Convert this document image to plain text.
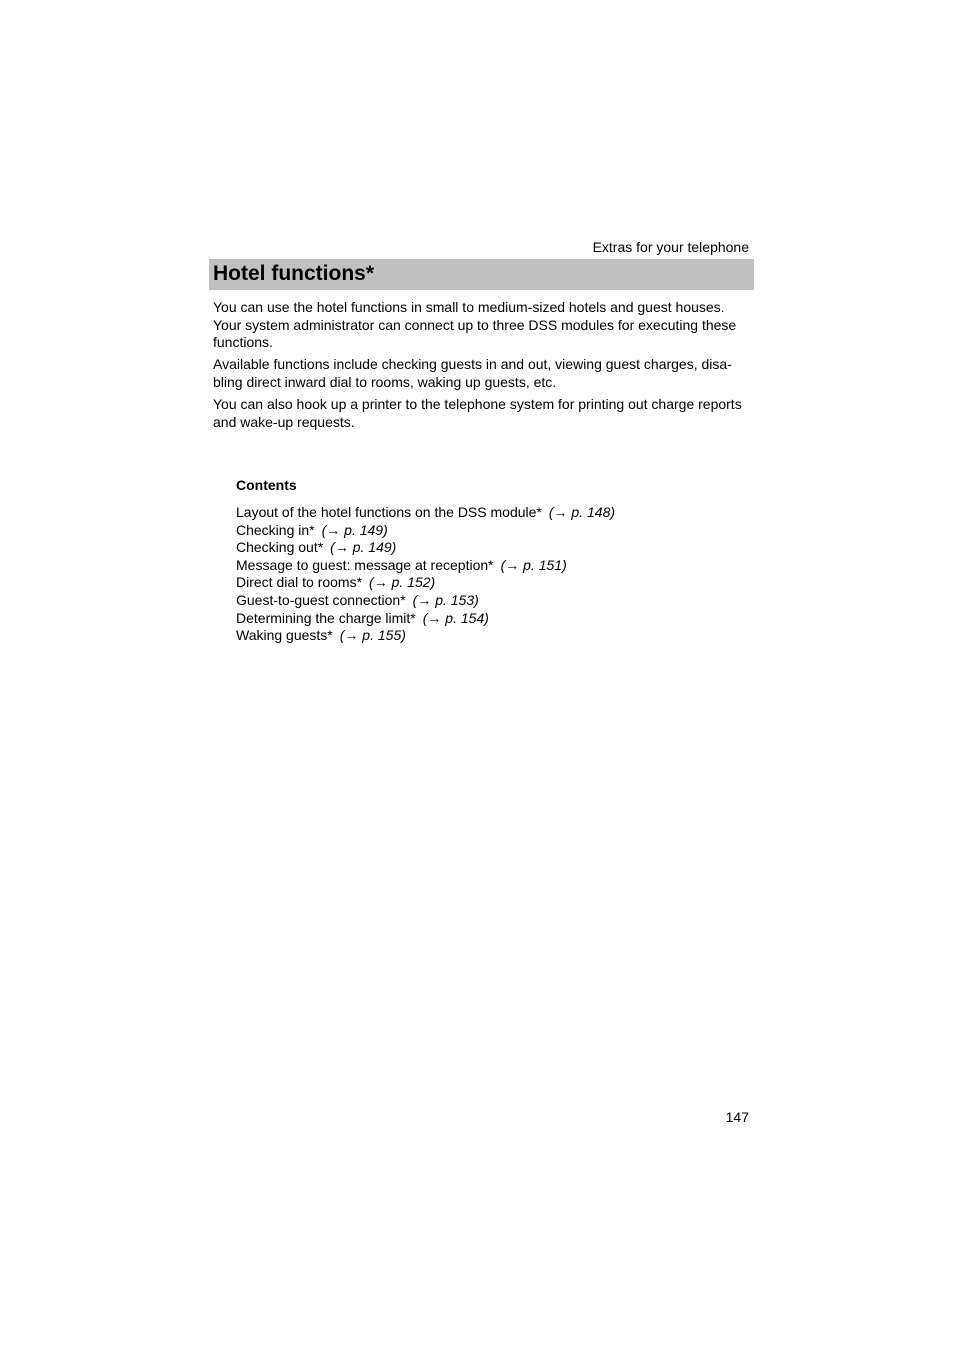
Extras for your telephone
Hotel functions*

You can use the hotel functions in small to medium-sized hotels and guest houses. Your system administrator can connect up to three DSS modules for executing these functions.

Available functions include checking guests in and out, viewing guest charges, disa-bling direct inward dial to rooms, waking up guests, etc.

You can also hook up a printer to the telephone system for printing out charge reports and wake-up requests.

Contents
Layout of the hotel functions on the DSS module* (→ p. 148)
Checking in* (→ p. 149)
Checking out* (→ p. 149)
Message to guest: message at reception* (→ p. 151)
Direct dial to rooms* (→ p. 152)
Guest-to-guest connection* (→ p. 153)
Determining the charge limit* (→ p. 154)
Waking guests* (→ p. 155)
147
